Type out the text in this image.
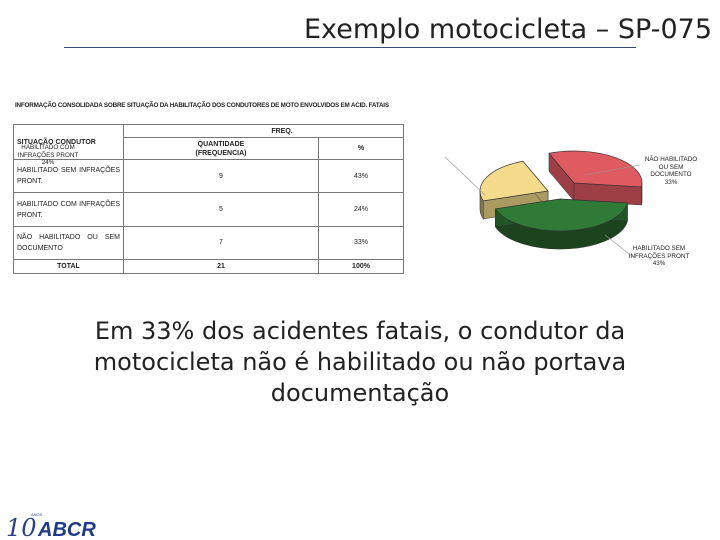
Exemplo motocicleta – SP-075
INFORMAÇÃO CONSOLIDADA SOBRE SITUAÇÃO DA HABILITAÇÃO DOS CONDUTORES DE MOTO ENVOLVIDOS EM ACID. FATAIS
SITUAÇÃO CONDUTOR	FREQ.	
	QUANTIDADE (FREQUENCIA)	%
HABILITADO SEM INFRAÇÕES PRONT.	9	43%
HABILITADO COM INFRAÇÕES PRONT.	5	24%
NÃO HABILITADO OU SEM DOCUMENTO	7	33%
TOTAL	21	100%
HABILITADO COM INFRAÇÕES PRONT
24%	NÃO HABILITADO OU SEM DOCUMENTO
33%
HABILITADO SEM INFRAÇÕES PRONT
43%
Em 33% dos acidentes fatais, o condutor da motocicleta não é habilitado ou não portava documentação
10
ANOS
ABCR
